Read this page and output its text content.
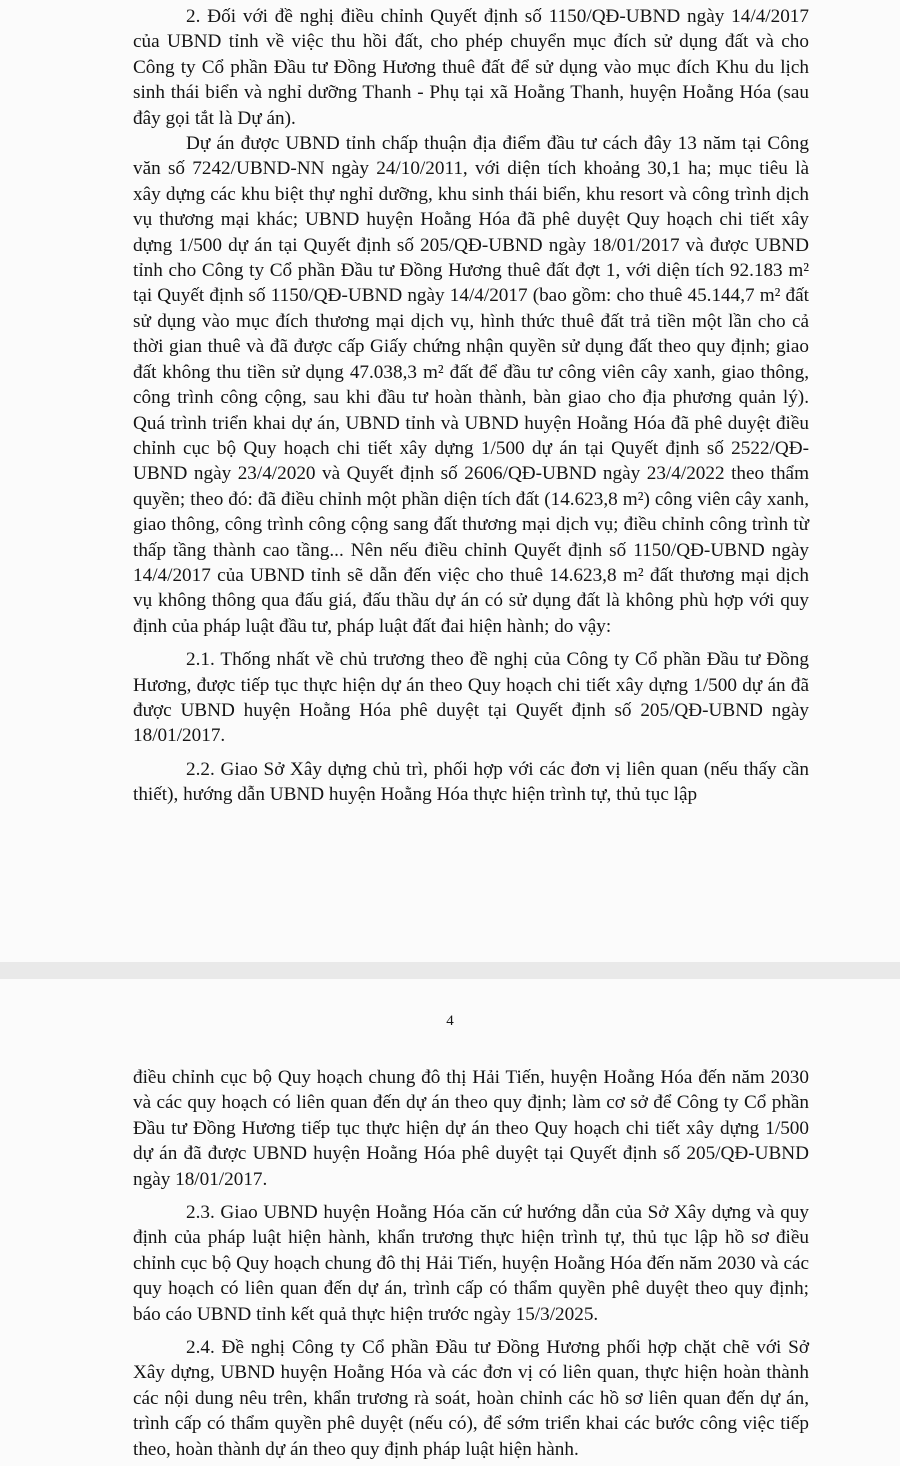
2. Đối với đề nghị điều chỉnh Quyết định số 1150/QĐ-UBND ngày 14/4/2017 của UBND tỉnh về việc thu hồi đất, cho phép chuyển mục đích sử dụng đất và cho Công ty Cổ phần Đầu tư Đồng Hương thuê đất để sử dụng vào mục đích Khu du lịch sinh thái biển và nghỉ dưỡng Thanh - Phụ tại xã Hoằng Thanh, huyện Hoằng Hóa (sau đây gọi tắt là Dự án).

Dự án được UBND tỉnh chấp thuận địa điểm đầu tư cách đây 13 năm tại Công văn số 7242/UBND-NN ngày 24/10/2011, với diện tích khoảng 30,1 ha; mục tiêu là xây dựng các khu biệt thự nghỉ dưỡng, khu sinh thái biển, khu resort và công trình dịch vụ thương mại khác; UBND huyện Hoằng Hóa đã phê duyệt Quy hoạch chi tiết xây dựng 1/500 dự án tại Quyết định số 205/QĐ-UBND ngày 18/01/2017 và được UBND tỉnh cho Công ty Cổ phần Đầu tư Đồng Hương thuê đất đợt 1, với diện tích 92.183 m² tại Quyết định số 1150/QĐ-UBND ngày 14/4/2017 (bao gồm: cho thuê 45.144,7 m² đất sử dụng vào mục đích thương mại dịch vụ, hình thức thuê đất trả tiền một lần cho cả thời gian thuê và đã được cấp Giấy chứng nhận quyền sử dụng đất theo quy định; giao đất không thu tiền sử dụng 47.038,3 m² đất để đầu tư công viên cây xanh, giao thông, công trình công cộng, sau khi đầu tư hoàn thành, bàn giao cho địa phương quản lý). Quá trình triển khai dự án, UBND tỉnh và UBND huyện Hoằng Hóa đã phê duyệt điều chỉnh cục bộ Quy hoạch chi tiết xây dựng 1/500 dự án tại Quyết định số 2522/QĐ-UBND ngày 23/4/2020 và Quyết định số 2606/QĐ-UBND ngày 23/4/2022 theo thẩm quyền; theo đó: đã điều chỉnh một phần diện tích đất (14.623,8 m²) công viên cây xanh, giao thông, công trình công cộng sang đất thương mại dịch vụ; điều chỉnh công trình từ thấp tầng thành cao tầng... Nên nếu điều chỉnh Quyết định số 1150/QĐ-UBND ngày 14/4/2017 của UBND tỉnh sẽ dẫn đến việc cho thuê 14.623,8 m² đất thương mại dịch vụ không thông qua đấu giá, đấu thầu dự án có sử dụng đất là không phù hợp với quy định của pháp luật đầu tư, pháp luật đất đai hiện hành; do vậy:

2.1. Thống nhất về chủ trương theo đề nghị của Công ty Cổ phần Đầu tư Đồng Hương, được tiếp tục thực hiện dự án theo Quy hoạch chi tiết xây dựng 1/500 dự án đã được UBND huyện Hoằng Hóa phê duyệt tại Quyết định số 205/QĐ-UBND ngày 18/01/2017.

2.2. Giao Sở Xây dựng chủ trì, phối hợp với các đơn vị liên quan (nếu thấy cần thiết), hướng dẫn UBND huyện Hoằng Hóa thực hiện trình tự, thủ tục lập

4

điều chỉnh cục bộ Quy hoạch chung đô thị Hải Tiến, huyện Hoằng Hóa đến năm 2030 và các quy hoạch có liên quan đến dự án theo quy định; làm cơ sở để Công ty Cổ phần Đầu tư Đồng Hương tiếp tục thực hiện dự án theo Quy hoạch chi tiết xây dựng 1/500 dự án đã được UBND huyện Hoằng Hóa phê duyệt tại Quyết định số 205/QĐ-UBND ngày 18/01/2017.

2.3. Giao UBND huyện Hoằng Hóa căn cứ hướng dẫn của Sở Xây dựng và quy định của pháp luật hiện hành, khẩn trương thực hiện trình tự, thủ tục lập hồ sơ điều chỉnh cục bộ Quy hoạch chung đô thị Hải Tiến, huyện Hoằng Hóa đến năm 2030 và các quy hoạch có liên quan đến dự án, trình cấp có thẩm quyền phê duyệt theo quy định; báo cáo UBND tỉnh kết quả thực hiện trước ngày 15/3/2025.

2.4. Đề nghị Công ty Cổ phần Đầu tư Đồng Hương phối hợp chặt chẽ với Sở Xây dựng, UBND huyện Hoằng Hóa và các đơn vị có liên quan, thực hiện hoàn thành các nội dung nêu trên, khẩn trương rà soát, hoàn chỉnh các hồ sơ liên quan đến dự án, trình cấp có thẩm quyền phê duyệt (nếu có), để sớm triển khai các bước công việc tiếp theo, hoàn thành dự án theo quy định pháp luật hiện hành.
